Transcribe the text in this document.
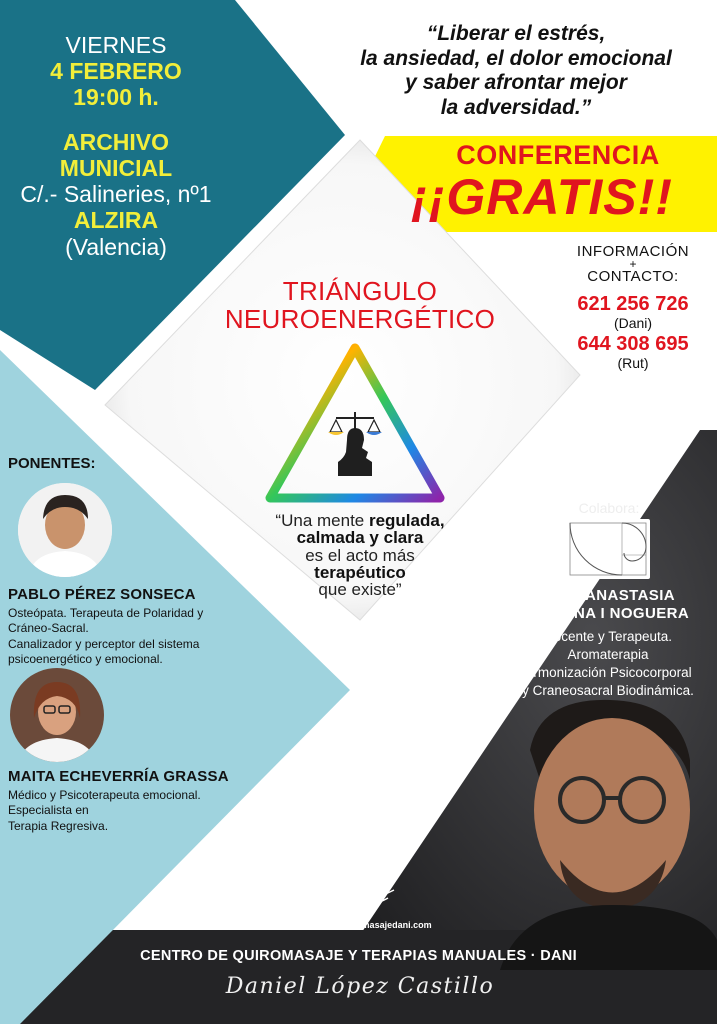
VIERNES
4 FEBRERO
19:00 h.
ARCHIVO
MUNICIAL
C/.- Salineries, nº1
ALZIRA
(Valencia)
“Liberar el estrés,
la ansiedad, el dolor emocional
y saber afrontar mejor
la adversidad.”
CONFERENCIA
¡¡GRATIS!!
INFORMACIÓN
+
CONTACTO:
621 256 726
(Dani)
644 308 695
(Rut)
TRIÁNGULO
NEUROENERGÉTICO
“Una mente regulada,
calmada y clara
es el acto más
terapéutico
que existe”
PONENTES:
PABLO PÉREZ SONSECA
Osteópata. Terapeuta de Polaridad y
Cráneo-Sacral.
Canalizador y perceptor del sistema
psicoenergético y emocional.
MAITA ECHEVERRÍA GRASSA
Médico y Psicoterapeuta emocional.
Especialista en
Terapia Regresiva.
Colabora:
RUT ANASTASIA
MOLINA I NOGUERA
Docente y Terapeuta.
Aromaterapia
Armonización Psicocorporal
y Craneosacral Biodinámica.
Evento
organizado por:
www.centroquiromasajedani.com
CENTRO DE QUIROMASAJE Y TERAPIAS MANUALES · DANI
Daniel López Castillo
